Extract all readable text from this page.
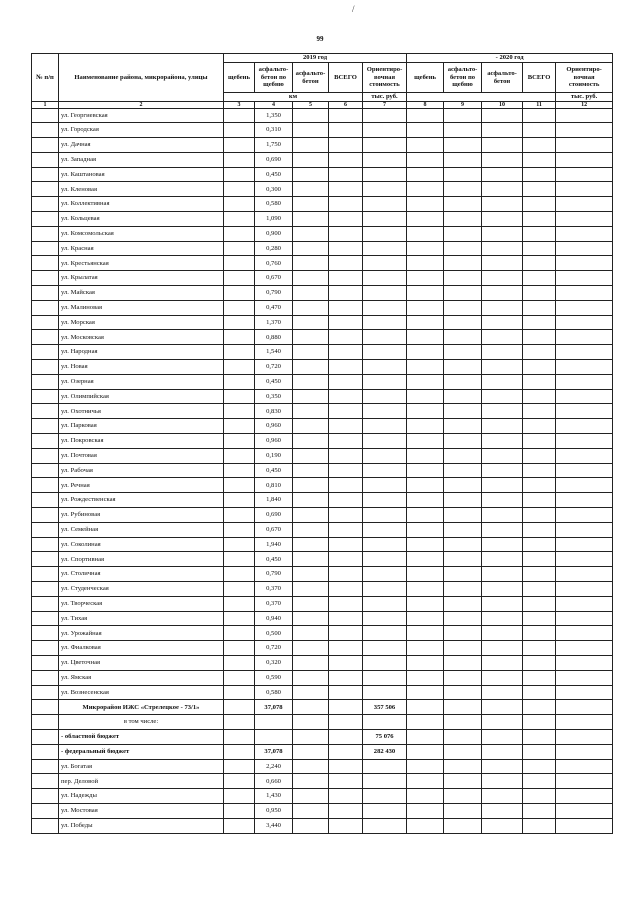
/
99
№ п/п	Наименование района, микрорайона, улицы	2019 год					- 2020 год				
		щебень	асфальто-бетон по щебню	асфальто-бетон	ВСЕГО	Ориентиро-вочная стоимость	щебень	асфальто-бетон по щебню	асфальто-бетон	ВСЕГО	Ориентиро-вочная стоимость
		км				тыс. руб.					тыс. руб.
1	2	3	4	5	6	7	8	9	10	11	12
	ул. Георгиевская		1,350								
	ул. Городская		0,310								
	ул. Дачная		1,750								
	ул. Западная		0,690								
	ул. Каштановая		0,450								
	ул. Кленовая		0,300								
	ул. Коллективная		0,580								
	ул. Кольцевая		1,090								
	ул. Комсомольская		0,900								
	ул. Красная		0,280								
	ул. Крестьянская		0,760								
	ул. Крылатая		0,670								
	ул. Майская		0,790								
	ул. Малиновая		0,470								
	ул. Морская		1,370								
	ул. Московская		0,880								
	ул. Народная		1,540								
	ул. Новая		0,720								
	ул. Озерная		0,450								
	ул. Олимпийская		0,350								
	ул. Охотничья		0,830								
	ул. Парковая		0,960								
	ул. Покровская		0,960								
	ул. Почтовая		0,190								
	ул. Рабочая		0,450								
	ул. Речная		0,810								
	ул. Рождественская		1,840								
	ул. Рубиновая		0,690								
	ул. Семейная		0,670								
	ул. Соколиная		1,940								
	ул. Спортивная		0,450								
	ул. Столичная		0,790								
	ул. Студенческая		0,370								
	ул. Творческая		0,370								
	ул. Тихая		0,940								
	ул. Урожайная		0,500								
	ул. Фиалковая		0,720								
	ул. Цветочная		0,320								
	ул. Ямская		0,590								
	ул. Вознесенская		0,580								
	Микрорайон ИЖС «Стрелецкое - 73/1»		37,078			357 506					
	в том числе:										
	- областной бюджет					75 076					
	- федеральный бюджет		37,078			282 430					
	ул. Богатая		2,240								
	пер. Деловой		0,660								
	ул. Надежды		1,430								
	ул. Мостовая		0,950								
	ул. Победы		3,440								
